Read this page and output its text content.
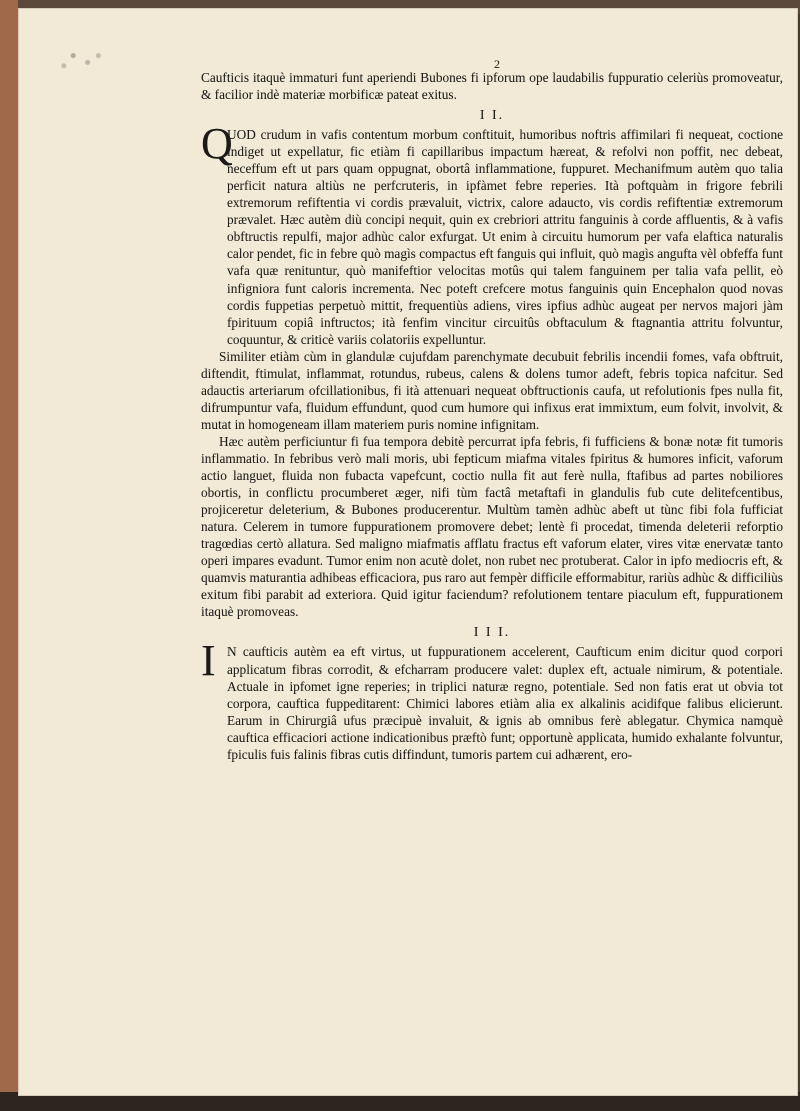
2

Caufticis itaquè immaturi funt aperiendi Bubones fi ipforum ope laudabilis fuppuratio celeriùs promoveatur, & facilior indè materiæ morbificæ pateat exitus.

I I.
Q
UOD crudum in vafis contentum morbum conftituit, humoribus noftris affimilari fi nequeat, coctione indiget ut expellatur, fic etiàm fi capillaribus impactum hæreat, & refolvi non poffit, nec debeat, neceffum eft ut pars quam oppugnat, obortâ inflammatione, fuppuret. Mechanifmum autèm quo talia perficit natura altiùs ne perfcruteris, in ipfàmet febre reperies. Ità poftquàm in frigore febrili extremorum refiftentia vi cordis prævaluit, victrix, calore adaucto, vis cordis refiftentiæ extremorum prævalet. Hæc autèm diù concipi nequit, quin ex crebriori attritu fanguinis à corde affluentis, & à vafis obftructis repulfi, major adhùc calor exfurgat. Ut enim à circuitu humorum per vafa elaftica naturalis calor pendet, fic in febre quò magìs compactus eft fanguis qui influit, quò magìs angufta vèl obfeffa funt vafa quæ renituntur, quò manifeftior velocitas motûs qui talem fanguinem per talia vafa pellit, eò infigniora funt caloris incrementa. Nec poteft crefcere motus fanguinis quin Encephalon quod novas cordis fuppetias perpetuò mittit, frequentiùs adiens, vires ipfius adhùc augeat per nervos majori jàm fpirituum copiâ inftructos; ità fenfim vincitur circuitûs obftaculum & ftagnantia attritu folvuntur, coquuntur, & criticè variis colatoriis expelluntur.

Similiter etiàm cùm in glandulæ cujufdam parenchymate decubuit febrilis incendii fomes, vafa obftruit, diftendit, ftimulat, inflammat, rotundus, rubeus, calens & dolens tumor adeft, febris topica nafcitur. Sed adauctis arteriarum ofcillationibus, fi ità attenuari nequeat obftructionis caufa, ut refolutionis fpes nulla fit, difrumpuntur vafa, fluidum effundunt, quod cum humore qui infixus erat immixtum, eum folvit, involvit, & mutat in homogeneam illam materiem puris nomine infignitam.

Hæc autèm perficiuntur fi fua tempora debitè percurrat ipfa febris, fi fufficiens & bonæ notæ fit tumoris inflammatio. In febribus verò mali moris, ubi fepticum miafma vitales fpiritus & humores inficit, vaforum actio languet, fluida non fubacta vapefcunt, coctio nulla fit aut ferè nulla, ftafibus ad partes nobiliores obortis, in conflictu procumberet æger, nifi tùm factâ metaftafi in glandulis fub cute delitefcentibus, projiceretur deleterium, & Bubones producerentur. Multùm tamèn adhùc abeft ut tùnc fibi fola fufficiat natura. Celerem in tumore fuppurationem promovere debet; lentè fi procedat, timenda deleterii reforptio tragœdias certò allatura. Sed maligno miafmatis afflatu fractus eft vaforum elater, vires vitæ enervatæ tanto operi impares evadunt. Tumor enim non acutè dolet, non rubet nec protuberat. Calor in ipfo mediocris eft, & quamvis maturantia adhibeas efficaciora, pus raro aut fempèr difficile efformabitur, rariùs adhùc & difficiliùs exitum fibi parabit ad exteriora. Quid igitur faciendum? refolutionem tentare piaculum eft, fuppurationem itaquè promoveas.

I I I.
I N caufticis autèm ea eft virtus, ut fuppurationem accelerent, Caufticum enim dicitur quod corpori applicatum fibras corrodit, & efcharram producere valet: duplex eft, actuale nimirum, & potentiale. Actuale in ipfomet igne reperies; in triplici naturæ regno, potentiale. Sed non fatis erat ut obvia tot corpora, cauftica fuppeditarent: Chimici labores etiàm alia ex alkalinis acidifque falibus elicierunt. Earum in Chirurgiâ ufus præcipuè invaluit, & ignis ab omnibus ferè ablegatur. Chymica namquè cauftica efficaciori actione indicationibus præftò funt; opportunè applicata, humido exhalante folvuntur, fpiculis fuis falinis fibras cutis diffindunt, tumoris partem cui adhærent, ero-
